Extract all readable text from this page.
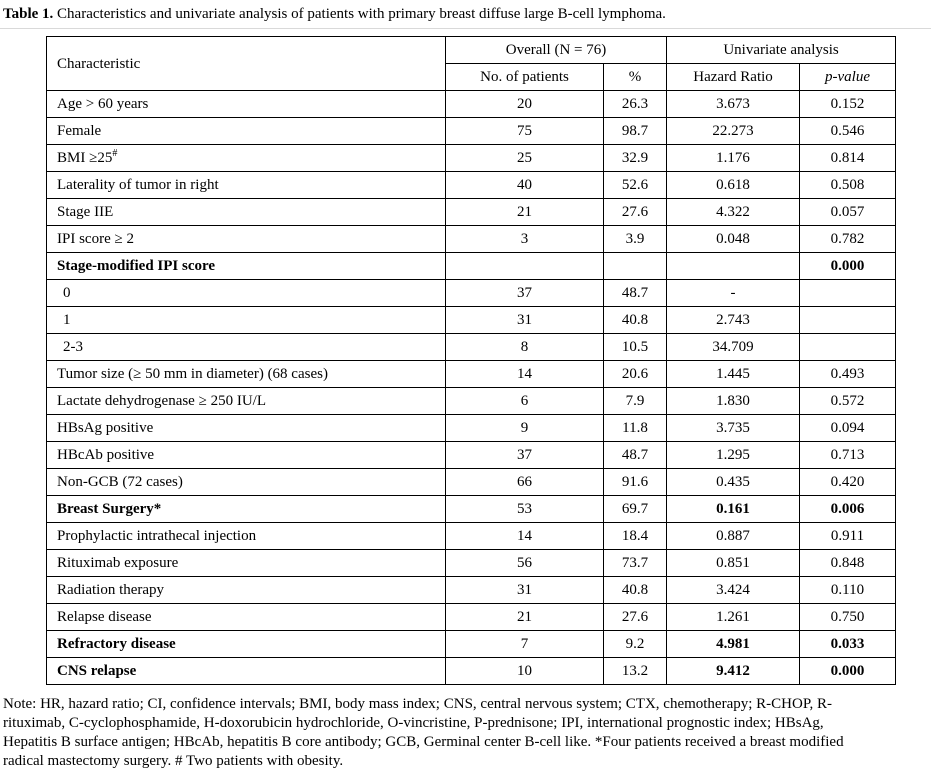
Table 1. Characteristics and univariate analysis of patients with primary breast diffuse large B-cell lymphoma.
Characteristic	Overall (N = 76)		Univariate analysis	
	No. of patients	%	Hazard Ratio	p-value
Age > 60 years	20	26.3	3.673	0.152
Female	75	98.7	22.273	0.546
BMI ≥25#	25	32.9	1.176	0.814
Laterality of tumor in right	40	52.6	0.618	0.508
Stage IIE	21	27.6	4.322	0.057
IPI score ≥ 2	3	3.9	0.048	0.782
Stage-modified IPI score				0.000
0	37	48.7	-	
1	31	40.8	2.743	
2-3	8	10.5	34.709	
Tumor size (≥ 50 mm in diameter) (68 cases)	14	20.6	1.445	0.493
Lactate dehydrogenase ≥ 250 IU/L	6	7.9	1.830	0.572
HBsAg positive	9	11.8	3.735	0.094
HBcAb positive	37	48.7	1.295	0.713
Non-GCB (72 cases)	66	91.6	0.435	0.420
Breast Surgery*	53	69.7	0.161	0.006
Prophylactic intrathecal injection	14	18.4	0.887	0.911
Rituximab exposure	56	73.7	0.851	0.848
Radiation therapy	31	40.8	3.424	0.110
Relapse disease	21	27.6	1.261	0.750
Refractory disease	7	9.2	4.981	0.033
CNS relapse	10	13.2	9.412	0.000
Note: HR, hazard ratio; CI, confidence intervals; BMI, body mass index; CNS, central nervous system; CTX, chemotherapy; R-CHOP, R-
rituximab, C-cyclophosphamide, H-doxorubicin hydrochloride, O-vincristine, P-prednisone; IPI, international prognostic index; HBsAg,
Hepatitis B surface antigen; HBcAb, hepatitis B core antibody; GCB, Germinal center B-cell like. *Four patients received a breast modified
radical mastectomy surgery. # Two patients with obesity.
